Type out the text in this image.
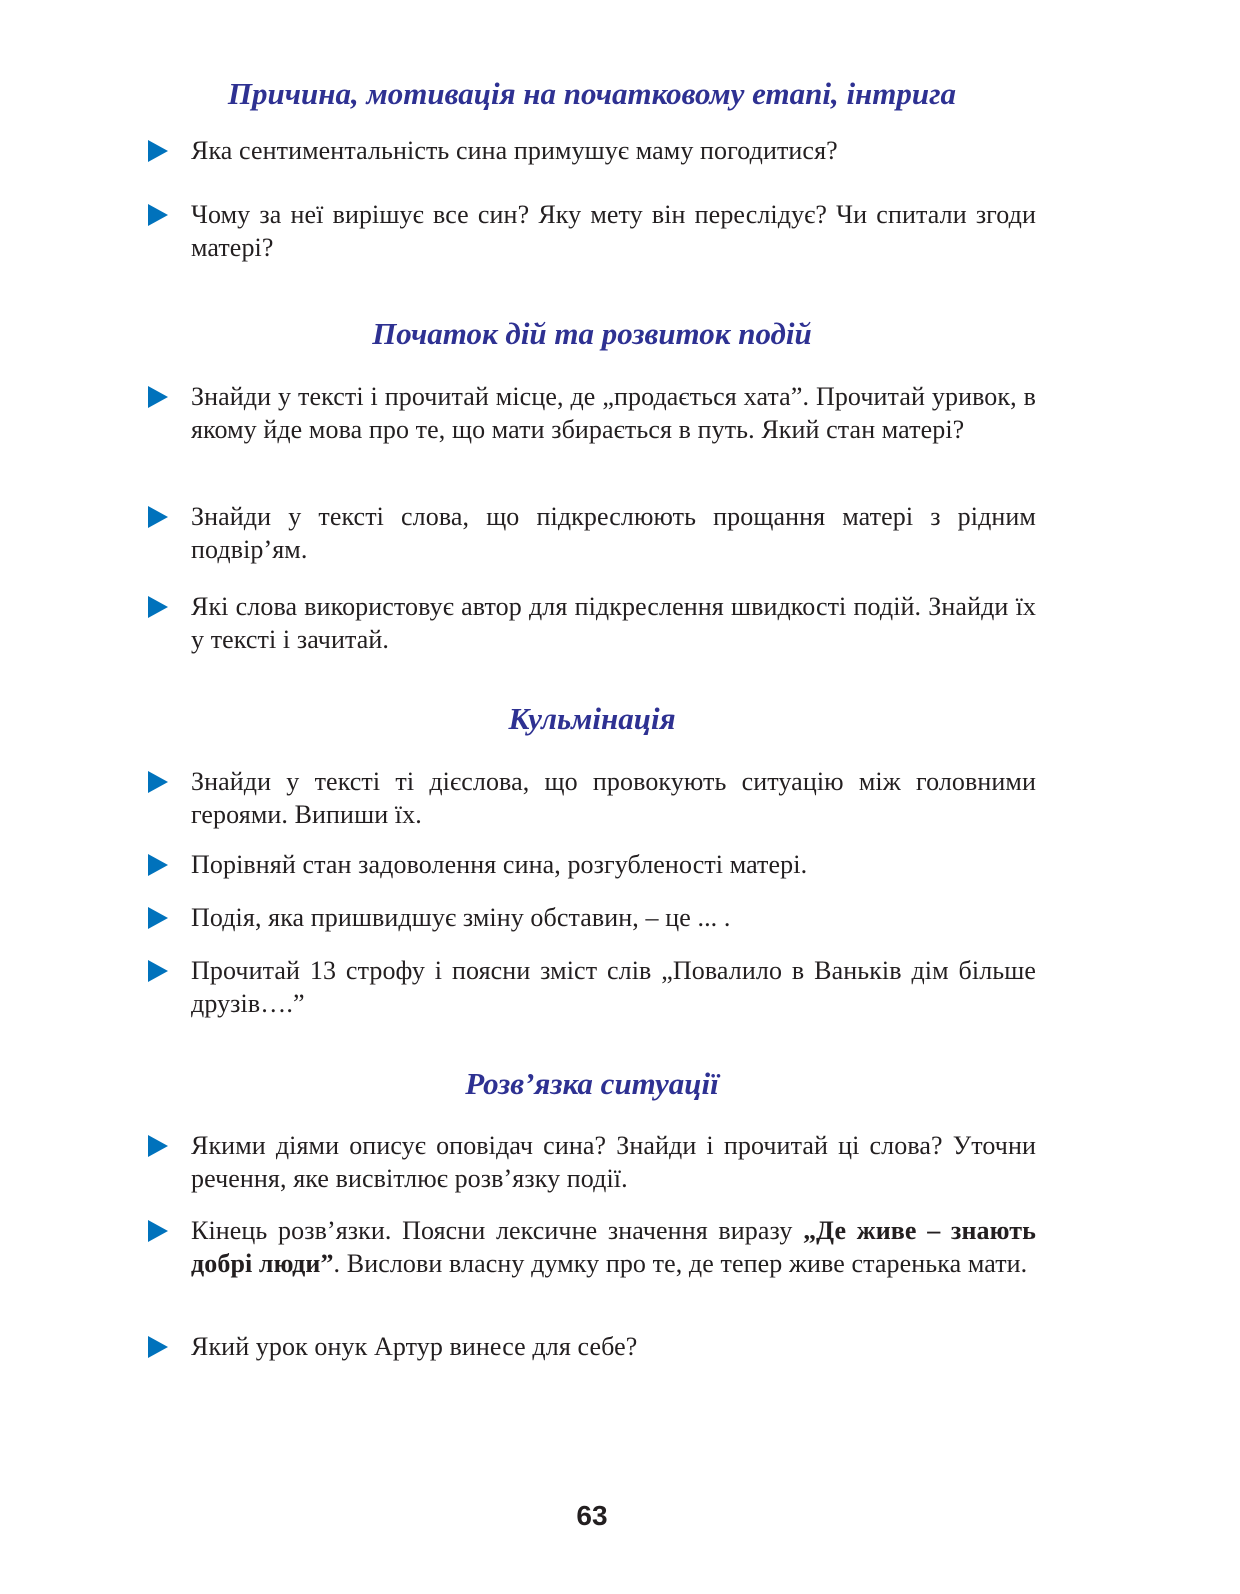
Причина, мотивація на початковому етапі, інтрига
Яка сентиментальність сина примушує маму погодитися?
Чому за неї вирішує все син? Яку мету він переслідує? Чи спитали згоди матері?
Початок дій та розвиток подій
Знайди у тексті і прочитай місце, де „продається хата”. Прочитай уривок, в якому йде мова про те, що мати збирається в путь. Який стан матері?
Знайди у тексті слова, що підкреслюють прощання матері з рідним подвір’ям.
Які слова використовує автор для підкреслення швидкості подій. Знайди їх у тексті і зачитай.
Кульмінація
Знайди у тексті ті дієслова, що провокують ситуацію між головними героями. Випиши їх.
Порівняй стан задоволення сина, розгубленості матері.
Подія, яка пришвидшує зміну обставин, – це ... .
Прочитай 13 строфу і поясни зміст слів „Повалило в Ваньків дім більше друзів….”
Розв’язка ситуації
Якими діями описує оповідач сина? Знайди і прочитай ці слова? Уточни речення, яке висвітлює розв’язку події.
Кінець розв’язки. Поясни лексичне значення виразу „Де живе – знають добрі люди”. Вислови власну думку про те, де тепер живе старенька мати.
Який урок онук Артур винесе для себе?
63
